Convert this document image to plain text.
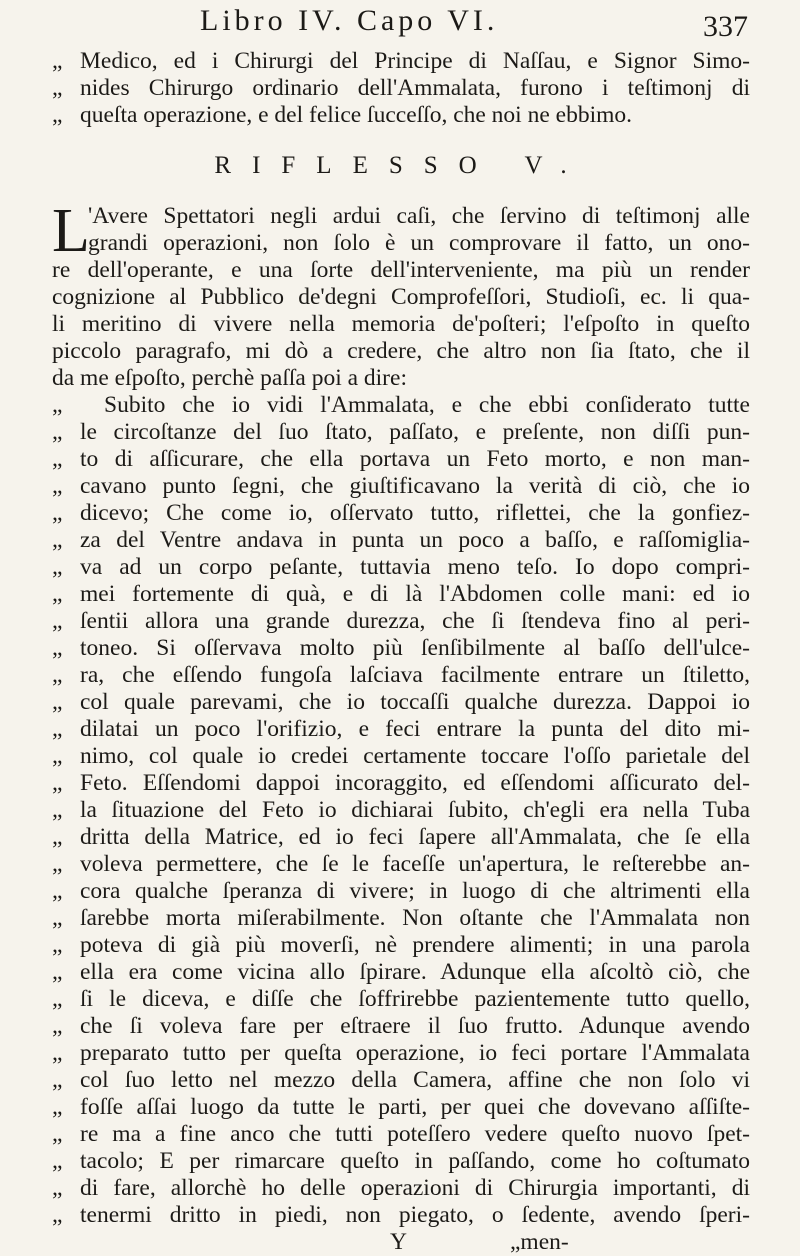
Libro IV. Capo VI.	337
„ Medico, ed i Chirurgi del Principe di Naſſau, e Signor Simo-
„ nides Chirurgo ordinario dell'Ammalata, furono i teſtimonj di
„ queſta operazione, e del felice ſucceſſo, che noi ne ebbimo.
RIFLESSO V.
L
'Avere Spettatori negli ardui caſi, che ſervino di teſtimonj alle
grandi operazioni, non ſolo è un comprovare il fatto, un ono-
re dell'operante, e una ſorte dell'interveniente, ma più un render
cognizione al Pubblico de'degni Comprofeſſori, Studioſi, ec. li qua-
li meritino di vivere nella memoria de'poſteri; l'eſpoſto in queſto
piccolo paragrafo, mi dò a credere, che altro non ſia ſtato, che il
da me eſpoſto, perchè paſſa poi a dire:
„ Subito che io vidi l'Ammalata, e che ebbi conſiderato tutte
„ le circoſtanze del ſuo ſtato, paſſato, e preſente, non diſſi pun-
„ to di aſſicurare, che ella portava un Feto morto, e non man-
„ cavano punto ſegni, che giuſtificavano la verità di ciò, che io
„ dicevo; Che come io, oſſervato tutto, riflettei, che la gonfiez-
„ za del Ventre andava in punta un poco a baſſo, e raſſomiglia-
„ va ad un corpo peſante, tuttavia meno teſo. Io dopo compri-
„ mei fortemente di quà, e di là l'Abdomen colle mani: ed io
„ ſentii allora una grande durezza, che ſi ſtendeva fino al peri-
„ toneo. Si oſſervava molto più ſenſibilmente al baſſo dell'ulce-
„ ra, che eſſendo fungoſa laſciava facilmente entrare un ſtiletto,
„ col quale parevami, che io toccaſſi qualche durezza. Dappoi io
„ dilatai un poco l'orifizio, e feci entrare la punta del dito mi-
„ nimo, col quale io credei certamente toccare l'oſſo parietale del
„ Feto. Eſſendomi dappoi incoraggito, ed eſſendomi aſſicurato del-
„ la ſituazione del Feto io dichiarai ſubito, ch'egli era nella Tuba
„ dritta della Matrice, ed io feci ſapere all'Ammalata, che ſe ella
„ voleva permettere, che ſe le faceſſe un'apertura, le reſterebbe an-
„ cora qualche ſperanza di vivere; in luogo di che altrimenti ella
„ ſarebbe morta miſerabilmente. Non oſtante che l'Ammalata non
„ poteva di già più moverſi, nè prendere alimenti; in una parola
„ ella era come vicina allo ſpirare. Adunque ella aſcoltò ciò, che
„ ſi le diceva, e diſſe che ſoffrirebbe pazientemente tutto quello,
„ che ſi voleva fare per eſtraere il ſuo frutto. Adunque avendo
„ preparato tutto per queſta operazione, io feci portare l'Ammalata
„ col ſuo letto nel mezzo della Camera, affine che non ſolo vi
„ foſſe aſſai luogo da tutte le parti, per quei che dovevano aſſiſte-
„ re ma a fine anco che tutti poteſſero vedere queſto nuovo ſpet-
„ tacolo; E per rimarcare queſto in paſſando, come ho coſtumato
„ di fare, allorchè ho delle operazioni di Chirurgia importanti, di
„ tenermi dritto in piedi, non piegato, o ſedente, avendo ſperi-
Y	„men-
